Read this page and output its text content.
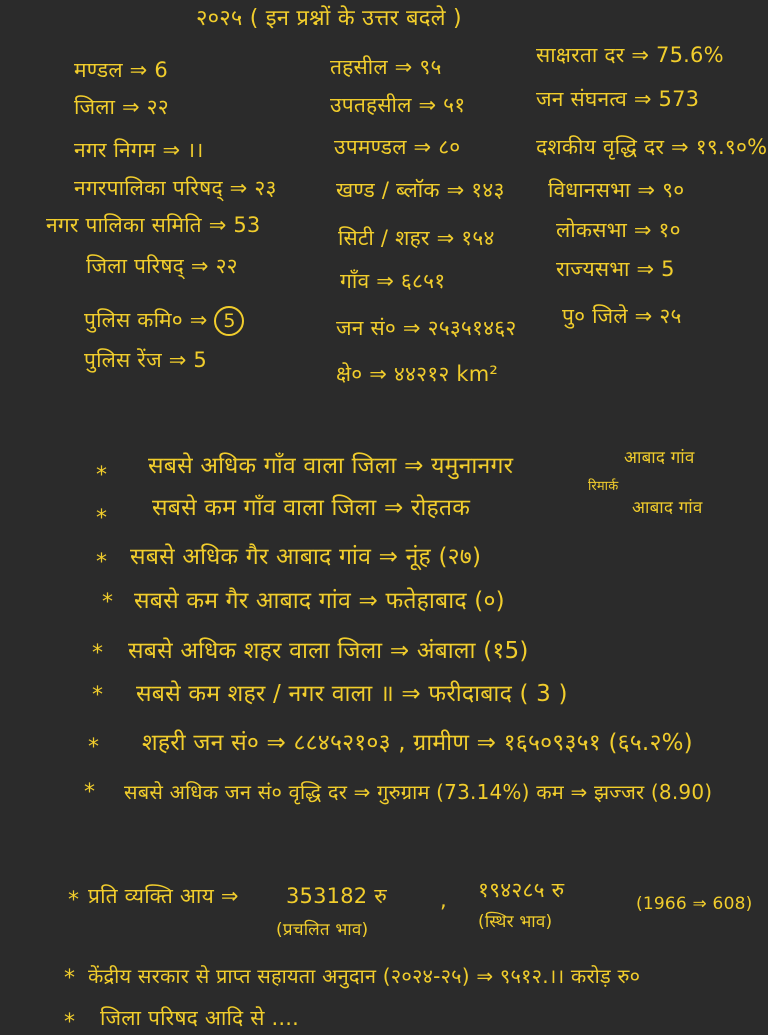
२०२५ ( इन प्रश्नों के उत्तर बदले )
मण्डल ⇒ 6
जिला ⇒ २२
नगर निगम ⇒ ।।
नगरपालिका परिषद् ⇒ २३
नगर पालिका समिति ⇒ 53
जिला परिषद् ⇒ २२
पुलिस कमि० ⇒ 5
पुलिस रेंज ⇒ 5
तहसील ⇒ ९५
उपतहसील ⇒ ५१
उपमण्डल ⇒ ८०
खण्ड / ब्लॉक ⇒ १४३
सिटी / शहर ⇒ १५४
गाँव ⇒ ६८५१
जन सं० ⇒ २५३५१४६२
क्षे० ⇒ ४४२१२ km²
साक्षरता दर ⇒ 75.6%
जन संघनत्व ⇒ 573
दशकीय वृद्धि दर ⇒ १९.९०%
विधानसभा ⇒ ९०
लोकसभा ⇒ १०
राज्यसभा ⇒ 5
पु० जिले ⇒ २५
आबाद गांव
रिमार्क
आबाद गांव
*
*
*
*
*
*
*
*
सबसे अधिक गाँव वाला जिला ⇒ यमुनानगर
सबसे कम गाँव वाला जिला ⇒ रोहतक
सबसे अधिक गैर आबाद गांव ⇒ नूंह (२७)
सबसे कम गैर आबाद गांव ⇒ फतेहाबाद (०)
सबसे अधिक शहर वाला जिला ⇒ अंबाला (१5)
सबसे कम शहर / नगर वाला ॥ ⇒ फरीदाबाद ( 3 )
शहरी जन सं० ⇒ ८८४५२१०३ , ग्रामीण ⇒ १६५०९३५१ (६५.२%)
सबसे अधिक जन सं० वृद्धि दर ⇒ गुरुग्राम (73.14%) कम ⇒ झज्जर (8.90)
* प्रति व्यक्ति आय ⇒ 353182 रु
(प्रचलित भाव)
, १९४२८५ रु
(स्थिर भाव)
(1966 ⇒ 608)
* केंद्रीय सरकार से प्राप्त सहायता अनुदान (२०२४-२५) ⇒ ९५१२.।। करोड़ रु०
* जिला परिषद आदि से ....
